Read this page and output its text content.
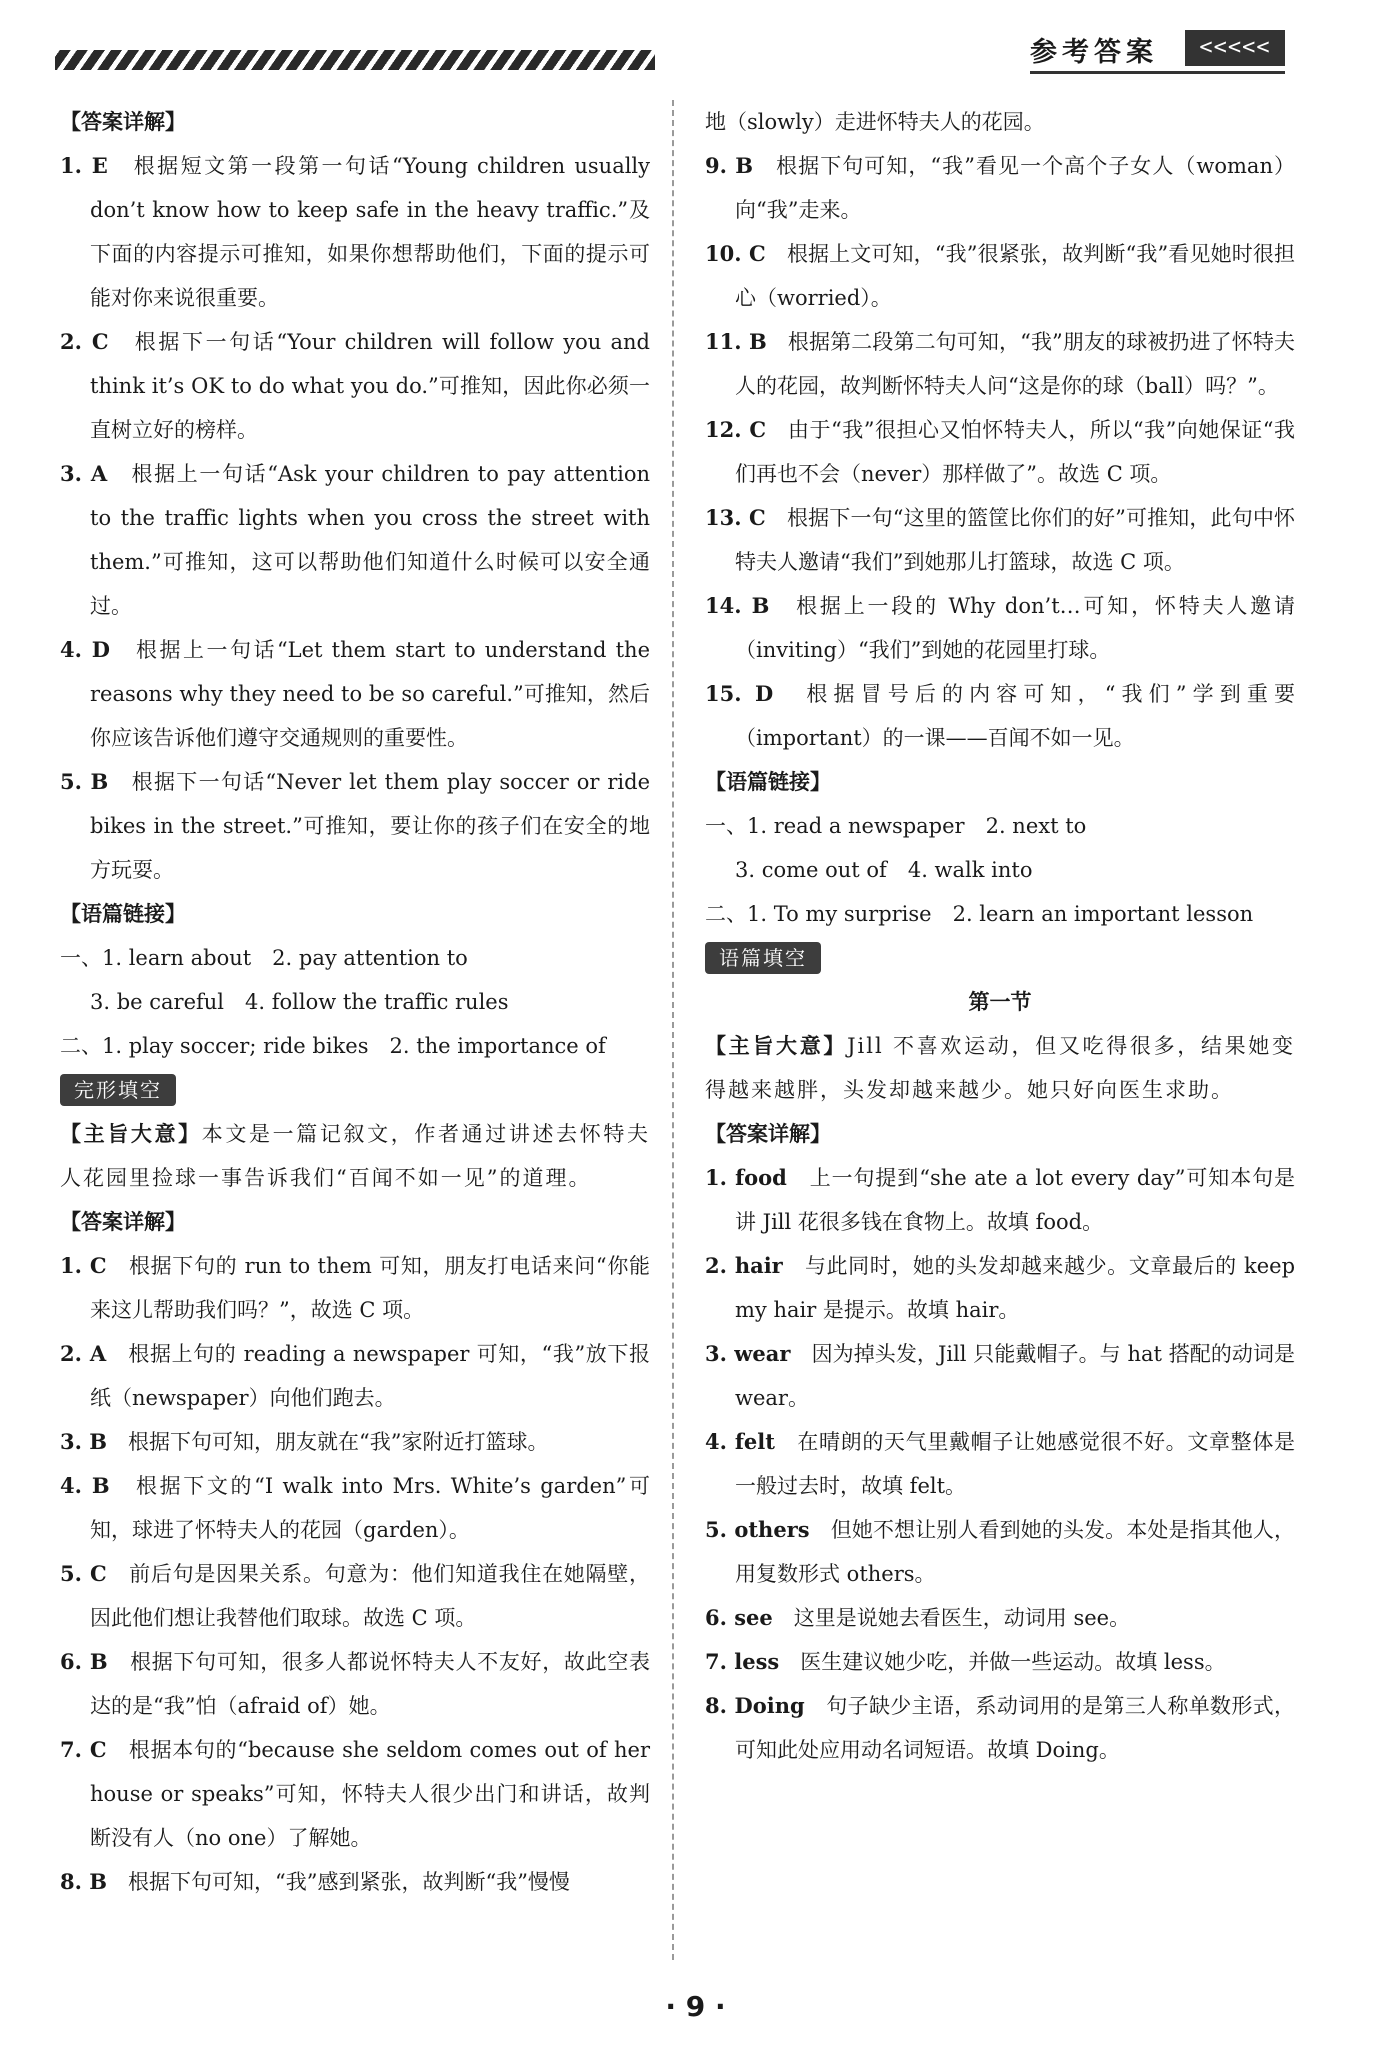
参考答案	<<<<<
【答案详解】
1. E　 根据短文第一段第一句话“Young children usually don’t know how to keep safe in the heavy traffic.”及下面的内容提示可推知，如果你想帮助他们，下面的提示可能对你来说很重要。
2. C　 根据下一句话“Your children will follow you and think it’s OK to do what you do.”可推知，因此你必须一直树立好的榜样。
3. A　 根据上一句话“Ask your children to pay attention to the traffic lights when you cross the street with them.”可推知，这可以帮助他们知道什么时候可以安全通过。
4. D　 根据上一句话“Let them start to understand the reasons why they need to be so careful.”可推知，然后你应该告诉他们遵守交通规则的重要性。
5. B　 根据下一句话“Never let them play soccer or ride bikes in the street.”可推知，要让你的孩子们在安全的地方玩耍。
【语篇链接】
一、1. learn about　2. pay attention to
3. be careful　4. follow the traffic rules
二、1. play soccer; ride bikes　2. the importance of
完形填空
【主旨大意】本文是一篇记叙文，作者通过讲述去怀特夫人花园里捡球一事告诉我们“百闻不如一见”的道理。
【答案详解】
1. C　 根据下句的 run to them 可知，朋友打电话来问“你能来这儿帮助我们吗？”，故选 C 项。
2. A　 根据上句的 reading a newspaper 可知，“我”放下报纸（newspaper）向他们跑去。
3. B　 根据下句可知，朋友就在“我”家附近打篮球。
4. B　 根据下文的“I walk into Mrs. White’s garden”可知，球进了怀特夫人的花园（garden）。
5. C　 前后句是因果关系。句意为：他们知道我住在她隔壁，因此他们想让我替他们取球。故选 C 项。
6. B　 根据下句可知，很多人都说怀特夫人不友好，故此空表达的是“我”怕（afraid of）她。
7. C　 根据本句的“because she seldom comes out of her house or speaks”可知，怀特夫人很少出门和讲话，故判断没有人（no one）了解她。
8. B　 根据下句可知，“我”感到紧张，故判断“我”慢慢
地（slowly）走进怀特夫人的花园。
9. B　 根据下句可知，“我”看见一个高个子女人（woman）向“我”走来。
10. C　 根据上文可知，“我”很紧张，故判断“我”看见她时很担心（worried）。
11. B　 根据第二段第二句可知，“我”朋友的球被扔进了怀特夫人的花园，故判断怀特夫人问“这是你的球（ball）吗？”。
12. C　 由于“我”很担心又怕怀特夫人，所以“我”向她保证“我们再也不会（never）那样做了”。故选 C 项。
13. C　 根据下一句“这里的篮筐比你们的好”可推知，此句中怀特夫人邀请“我们”到她那儿打篮球，故选 C 项。
14. B　 根据上一段的 Why don’t…可知，怀特夫人邀请（inviting）“我们”到她的花园里打球。
15. D　 根据冒号后的内容可知，“我们”学到重要（important）的一课——百闻不如一见。
【语篇链接】
一、1. read a newspaper　2. next to
3. come out of　4. walk into
二、1. To my surprise　2. learn an important lesson
语篇填空
第一节
【主旨大意】Jill 不喜欢运动，但又吃得很多，结果她变得越来越胖，头发却越来越少。她只好向医生求助。
【答案详解】
1. food　 上一句提到“she ate a lot every day”可知本句是讲 Jill 花很多钱在食物上。故填 food。
2. hair　 与此同时，她的头发却越来越少。文章最后的 keep my hair 是提示。故填 hair。
3. wear　 因为掉头发，Jill 只能戴帽子。与 hat 搭配的动词是 wear。
4. felt　 在晴朗的天气里戴帽子让她感觉很不好。文章整体是一般过去时，故填 felt。
5. others　 但她不想让别人看到她的头发。本处是指其他人，用复数形式 others。
6. see　 这里是说她去看医生，动词用 see。
7. less　 医生建议她少吃，并做一些运动。故填 less。
8. Doing　 句子缺少主语，系动词用的是第三人称单数形式，可知此处应用动名词短语。故填 Doing。
· 9 ·
